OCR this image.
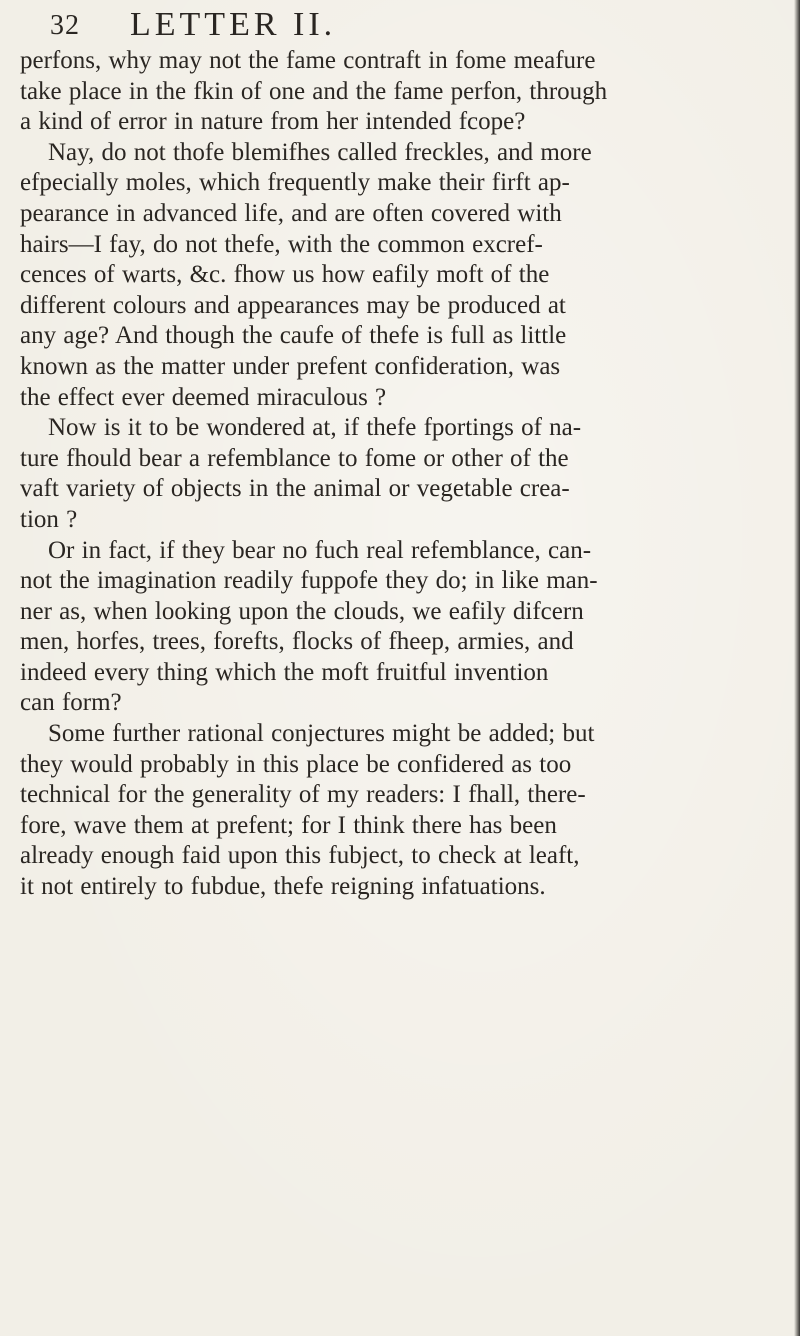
32 LETTER II.
perfons, why may not the fame contraft in fome meafure
take place in the fkin of one and the fame perfon, through
a kind of error in nature from her intended fcope?
Nay, do not thofe blemifhes called freckles, and more
efpecially moles, which frequently make their firft ap-
pearance in advanced life, and are often covered with
hairs—I fay, do not thefe, with the common excref-
cences of warts, &c. fhow us how eafily moft of the
different colours and appearances may be produced at
any age? And though the caufe of thefe is full as little
known as the matter under prefent confideration, was
the effect ever deemed miraculous ?
Now is it to be wondered at, if thefe fportings of na-
ture fhould bear a refemblance to fome or other of the
vaft variety of objects in the animal or vegetable crea-
tion ?
Or in fact, if they bear no fuch real refemblance, can-
not the imagination readily fuppofe they do; in like man-
ner as, when looking upon the clouds, we eafily difcern
men, horfes, trees, forefts, flocks of fheep, armies, and
indeed every thing which the moft fruitful invention
can form?
Some further rational conjectures might be added; but
they would probably in this place be confidered as too
technical for the generality of my readers: I fhall, there-
fore, wave them at prefent; for I think there has been
already enough faid upon this fubject, to check at leaft,
it not entirely to fubdue, thefe reigning infatuations.
